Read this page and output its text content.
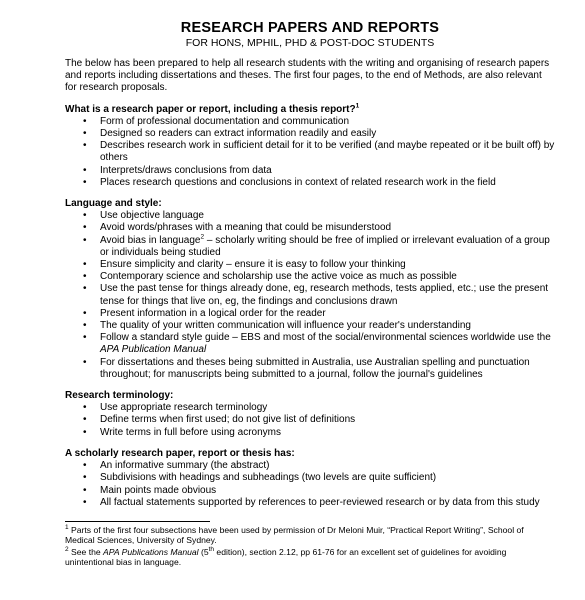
RESEARCH PAPERS AND REPORTS
FOR HONS, MPHIL, PHD & POST-DOC STUDENTS

The below has been prepared to help all research students with the writing and organising of research papers and reports including dissertations and theses. The first four pages, to the end of Methods, are also relevant for research proposals.

What is a research paper or report, including a thesis report?$^1$
• Form of professional documentation and communication
• Designed so readers can extract information readily and easily
• Describes research work in sufficient detail for it to be verified (and maybe repeated or it be built off) by others
• Interprets/draws conclusions from data
• Places research questions and conclusions in context of related research work in the field
Language and style:
• Use objective language
• Avoid words/phrases with a meaning that could be misunderstood
• Avoid bias in language$^2$ – scholarly writing should be free of implied or irrelevant evaluation of a group or individuals being studied
• Ensure simplicity and clarity – ensure it is easy to follow your thinking
• Contemporary science and scholarship use the active voice as much as possible
• Use the past tense for things already done, eg, research methods, tests applied, etc.; use the present tense for things that live on, eg, the findings and conclusions drawn
• Present information in a logical order for the reader
• The quality of your written communication will influence your reader's understanding
• Follow a standard style guide – EBS and most of the social/environmental sciences worldwide use the APA Publication Manual
• For dissertations and theses being submitted in Australia, use Australian spelling and punctuation throughout; for manuscripts being submitted to a journal, follow the journal's guidelines
Research terminology:
• Use appropriate research terminology
• Define terms when first used; do not give list of definitions
• Write terms in full before using acronyms
A scholarly research paper, report or thesis has:
• An informative summary (the abstract)
• Subdivisions with headings and subheadings (two levels are quite sufficient)
• Main points made obvious
• All factual statements supported by references to peer-reviewed research or by data from this study

$^1$ Parts of the first four subsections have been used by permission of Dr Meloni Muir, “Practical Report Writing”, School of Medical Sciences, University of Sydney.

$^2$ See the APA Publications Manual (5th edition), section 2.12, pp 61-76 for an excellent set of guidelines for avoiding unintentional bias in language.
